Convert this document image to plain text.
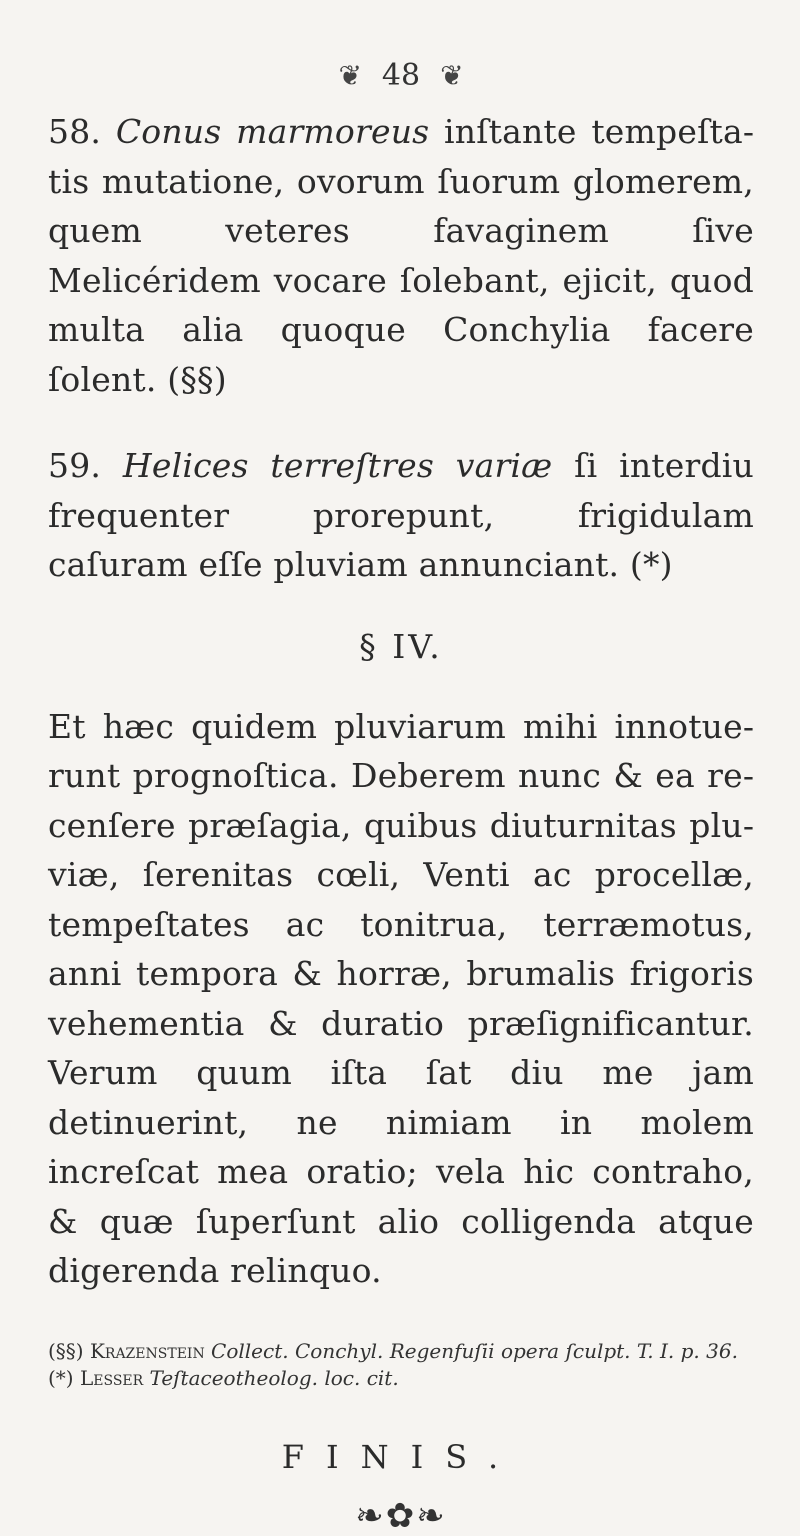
❦ 48 ❦

58. Conus marmoreus inſtante tempeſtatis mutatione, ovorum ſuorum glomerem, quem veteres favaginem ſive Melicéridem vocare ſolebant, ejicit, quod multa alia quoque Conchylia facere ſolent. (§§)

59. Helices terreſtres variæ ſi interdiu frequenter prorepunt, frigidulam caſuram eſſe pluviam annunciant. (*)

§ IV.

Et hæc quidem pluviarum mihi innotuerunt prognoſtica. Deberem nunc & ea recenſere præſagia, quibus diuturnitas pluviæ, ſerenitas cœli, Venti ac procellæ, tempeſtates ac tonitrua, terræmotus, anni tempora & horræ, brumalis frigoris vehementia & duratio præſignificantur. Verum quum iſta ſat diu me jam detinuerint, ne nimiam in molem increſcat mea oratio; vela hic contraho, & quæ ſuperſunt alio colligenda atque digerenda relinquo.

(§§) Krazenstein Collect. Conchyl. Regenfuſii opera ſculpt. T. I. p. 36. (*) Lesser Teſtaceotheolog. loc. cit.
FINIS.
❧✿❧
